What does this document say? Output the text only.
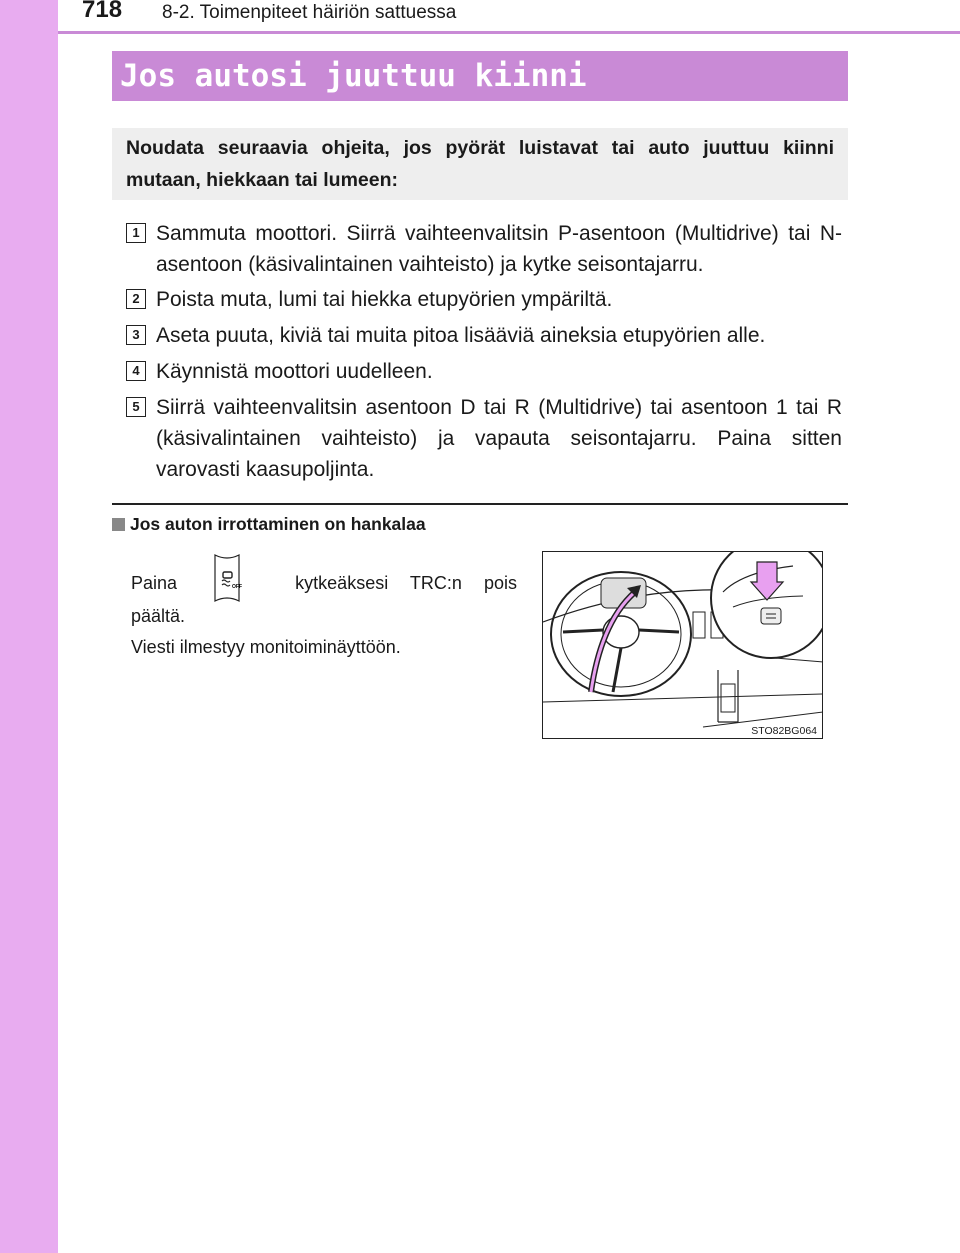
718 8-2. Toimenpiteet häiriön sattuessa
Jos autosi juuttuu kiinni

Noudata seuraavia ohjeita, jos pyörät luistavat tai auto juuttuu kiinni mutaan, hiekkaan tai lumeen:

1 Sammuta moottori. Siirrä vaihteenvalitsin P-asentoon (Multidrive) tai N-asentoon (käsivalintainen vaihteisto) ja kytke seisontajarru.
2 Poista muta, lumi tai hiekka etupyörien ympäriltä.
3 Aseta puuta, kiviä tai muita pitoa lisääviä aineksia etupyörien alle.
4 Käynnistä moottori uudelleen.
5 Siirrä vaihteenvalitsin asentoon D tai R (Multidrive) tai asentoon 1 tai R (käsivalintainen vaihteisto) ja vapauta seisontajarru. Paina sitten varovasti kaasupoljinta.
Jos auton irrottaminen on hankalaa
Paina	kytkeäksesi TRC:n pois
päältä.
Viesti ilmestyy monitoiminäyttöön.
OFF
STO82BG064
